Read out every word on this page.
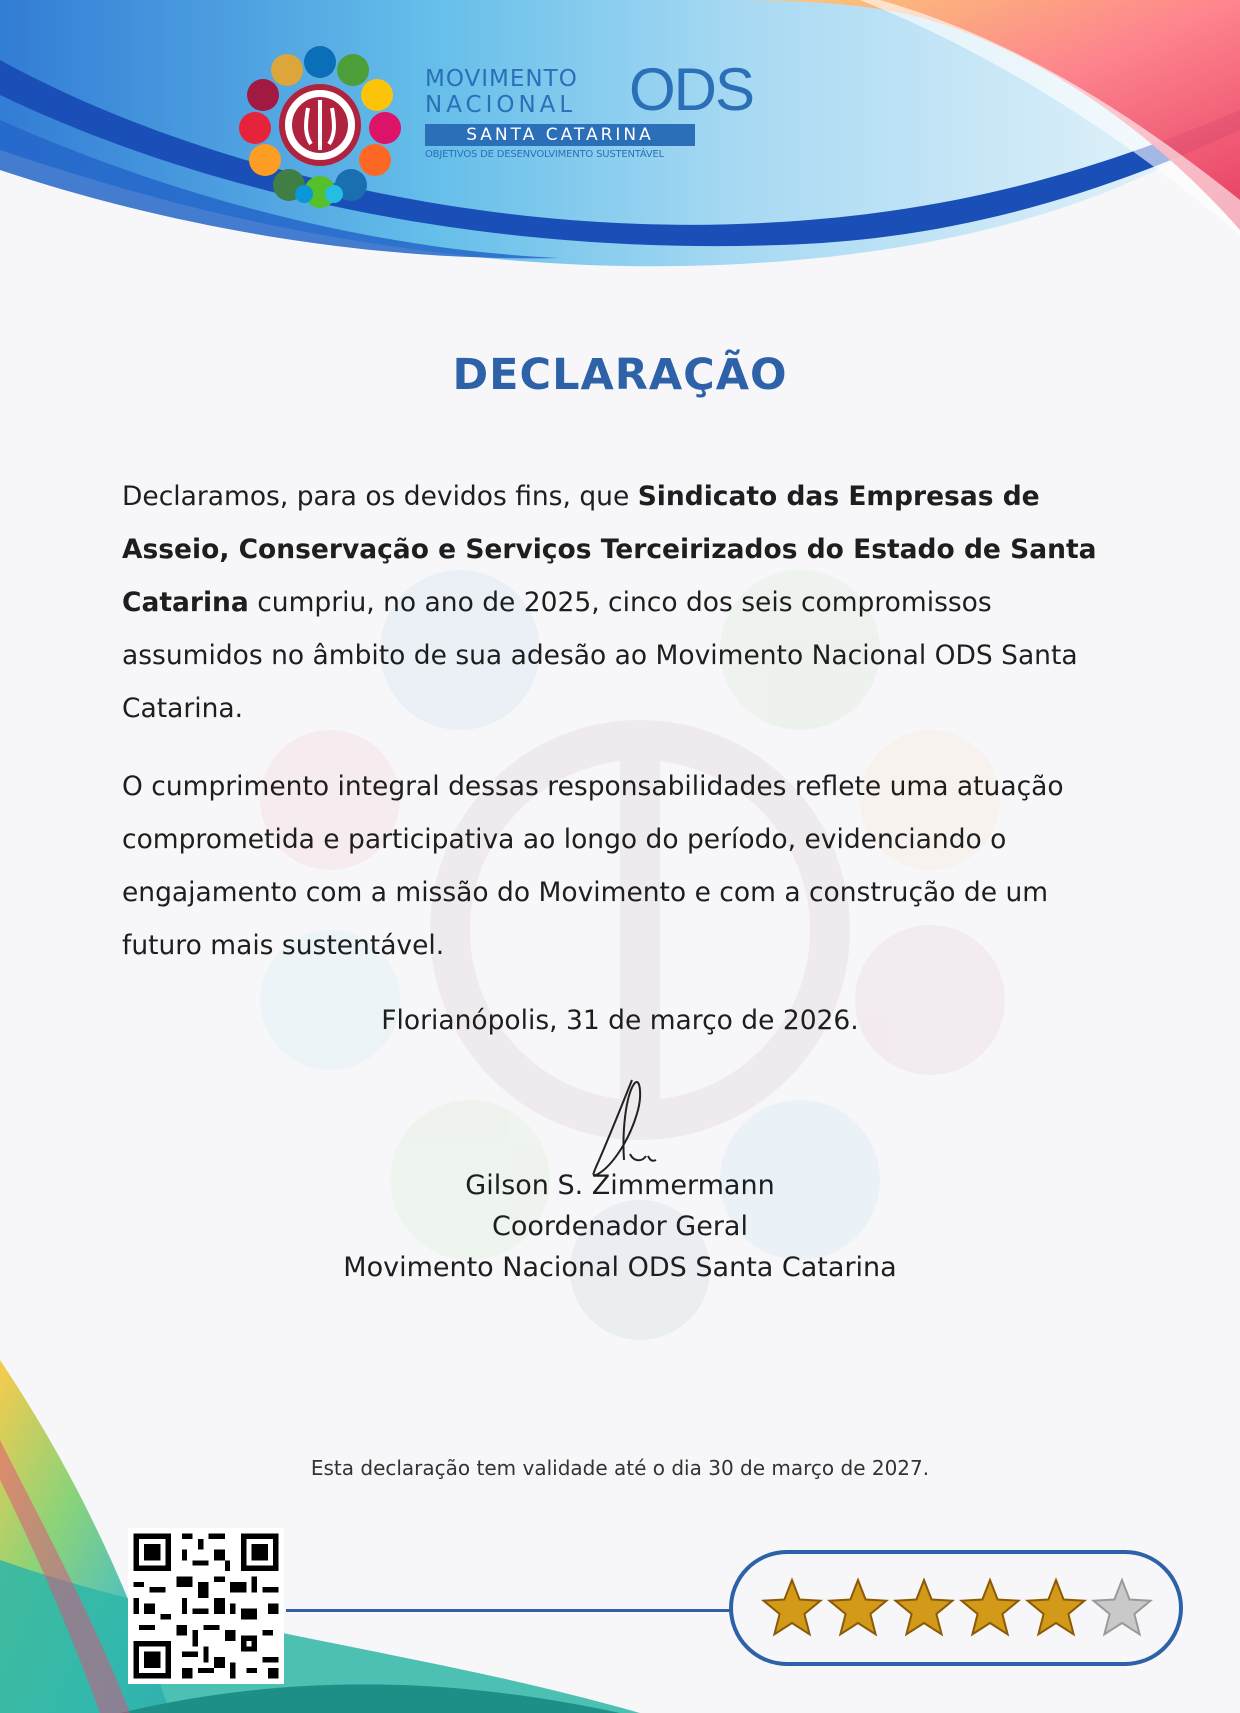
MOVIMENTO
NACIONAL ODS
SANTA CATARINA
OBJETIVOS DE DESENVOLVIMENTO SUSTENTÁVEL
DECLARAÇÃO
Declaramos, para os devidos fins, que Sindicato das Empresas de Asseio, Conservação e Serviços Terceirizados do Estado de Santa Catarina cumpriu, no ano de 2025, cinco dos seis compromissos assumidos no âmbito de sua adesão ao Movimento Nacional ODS Santa Catarina.
O cumprimento integral dessas responsabilidades reflete uma atuação comprometida e participativa ao longo do período, evidenciando o engajamento com a missão do Movimento e com a construção de um futuro mais sustentável.
Florianópolis, 31 de março de 2026.
Gilson S. Zimmermann
Coordenador Geral
Movimento Nacional ODS Santa Catarina
Esta declaração tem validade até o dia 30 de março de 2027.
